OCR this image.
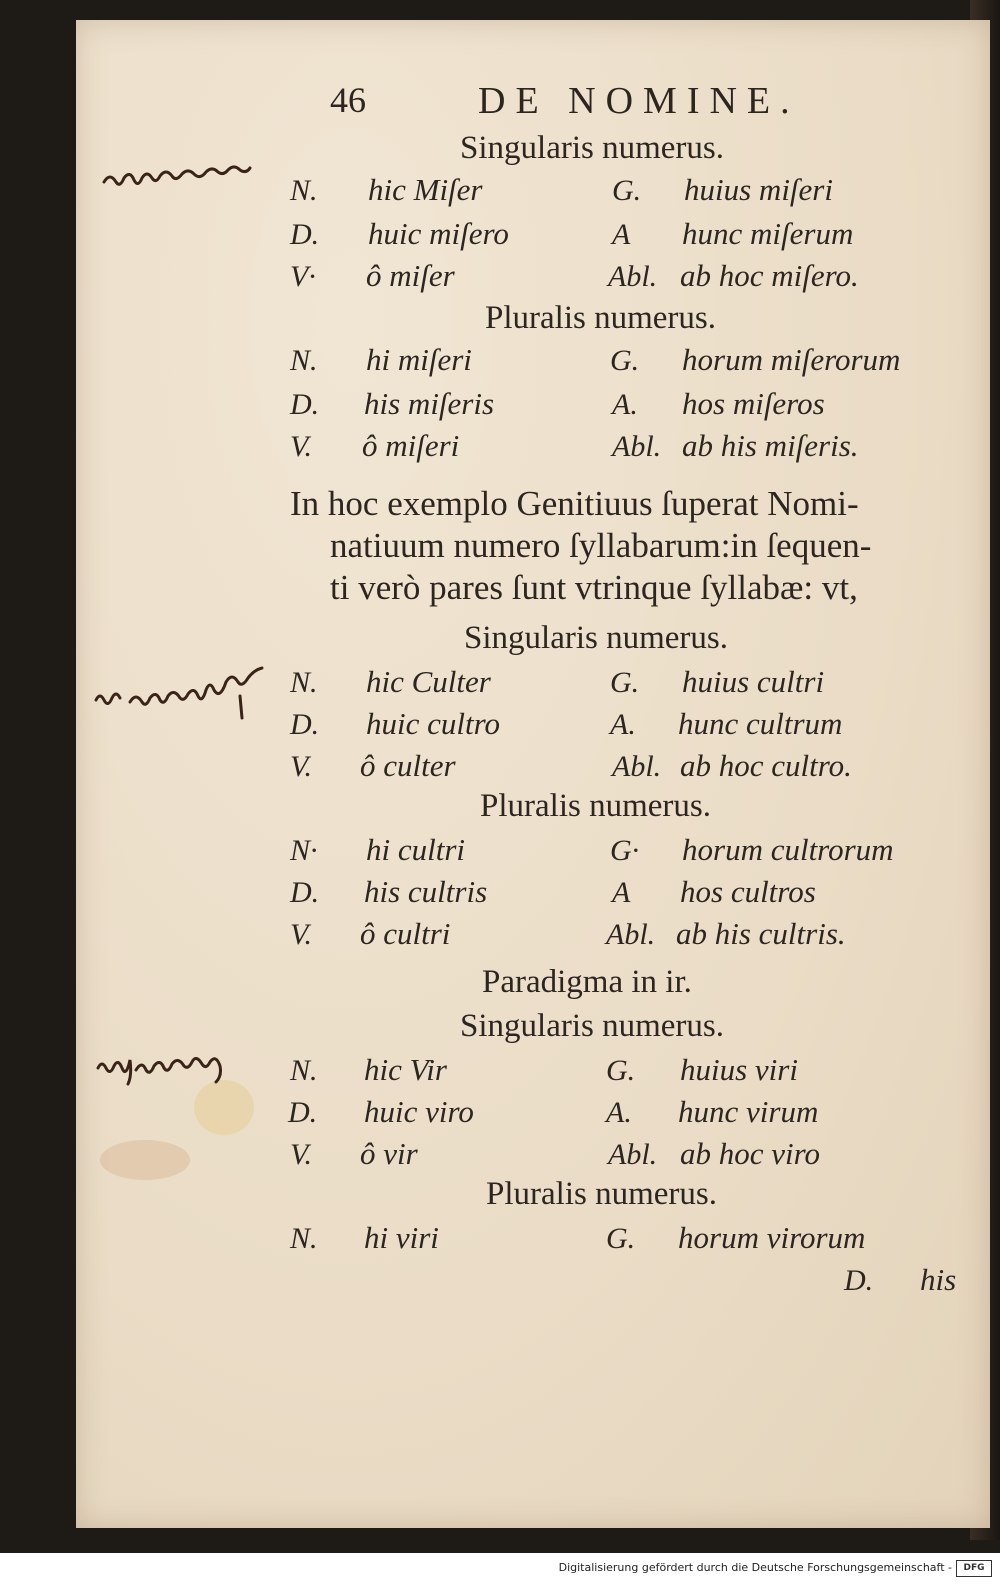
46	DE NOMINE.
Singularis numerus.
N. hic Miſer	G. huius miſeri
D. huic miſero	A hunc miſerum
V· ô miſer	Abl. ab hoc miſero.
Pluralis numerus.
N. hi miſeri	G. horum miſerorum
D. his miſeris	A. hos miſeros
V. ô miſeri	Abl. ab his miſeris.
In hoc exemplo Genitiuus ſuperat Nomi-
natiuum numero ſyllabarum:in ſequen-
ti verò pares ſunt vtrinque ſyllabæ: vt,
Singularis numerus.
N. hic Culter	G. huius cultri
D. huic cultro	A. hunc cultrum
V. ô culter	Abl. ab hoc cultro.
Pluralis numerus.
N· hi cultri	G· horum cultrorum
D. his cultris	A hos cultros
V. ô cultri	Abl. ab his cultris.
Paradigma in ir.
Singularis numerus.
N. hic Vir	G. huius viri
D. huic viro	A. hunc virum
V. ô vir	Abl. ab hoc viro
Pluralis numerus.
N. hi viri	G. horum virorum
D. his
Digitalisierung gefördert durch die Deutsche Forschungsgemeinschaft -	DFG
